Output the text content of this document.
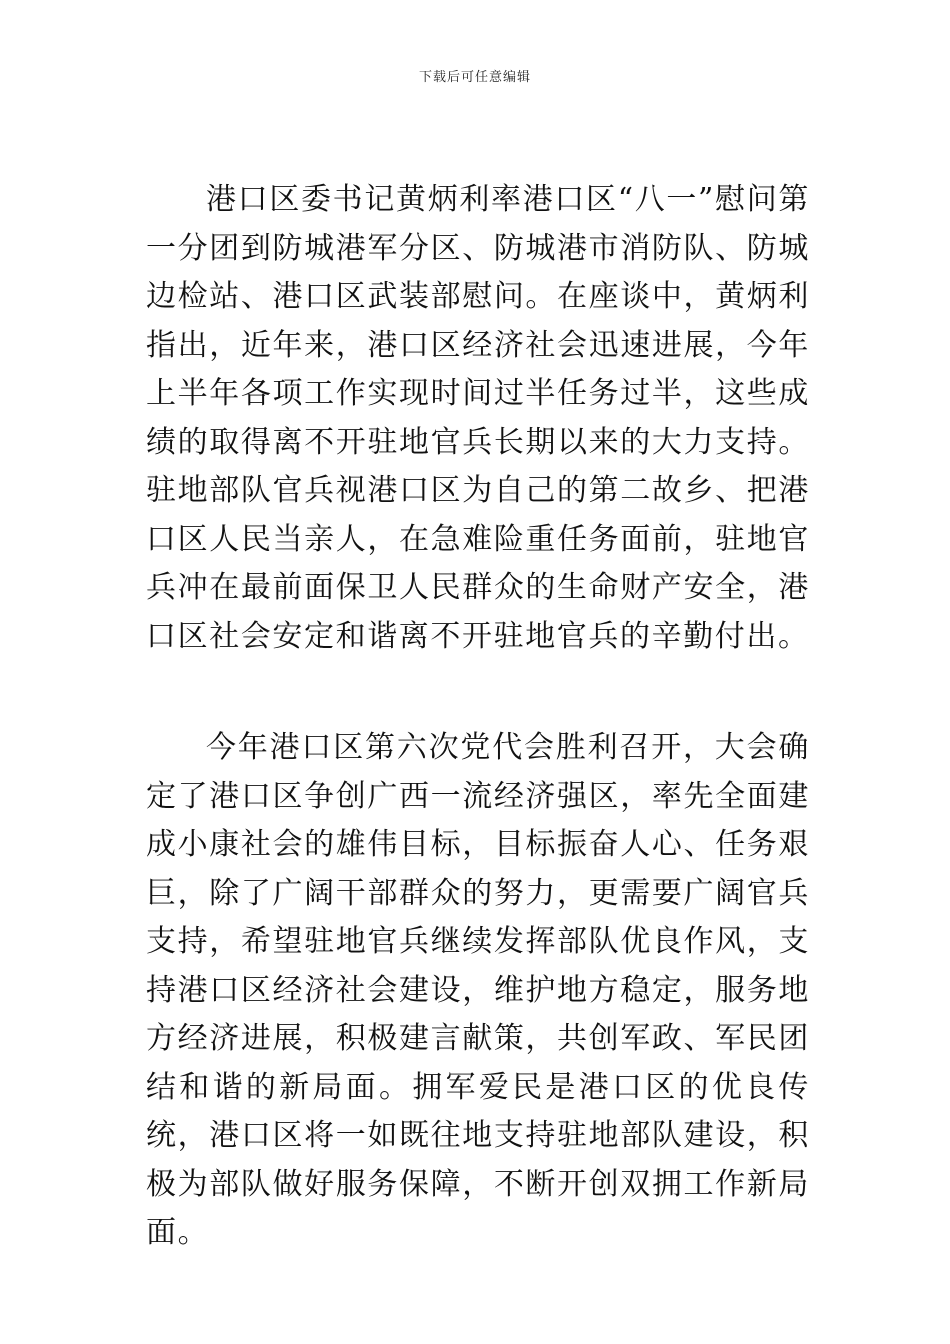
下载后可任意编辑

港口区委书记黄炳利率港口区“八一”慰问第一分团到防城港军分区、防城港市消防队、防城边检站、港口区武装部慰问。在座谈中，黄炳利指出，近年来，港口区经济社会迅速进展，今年上半年各项工作实现时间过半任务过半，这些成绩的取得离不开驻地官兵长期以来的大力支持。驻地部队官兵视港口区为自己的第二故乡、把港口区人民当亲人，在急难险重任务面前，驻地官兵冲在最前面保卫人民群众的生命财产安全，港口区社会安定和谐离不开驻地官兵的辛勤付出。

今年港口区第六次党代会胜利召开，大会确定了港口区争创广西一流经济强区，率先全面建成小康社会的雄伟目标，目标振奋人心、任务艰巨，除了广阔干部群众的努力，更需要广阔官兵支持，希望驻地官兵继续发挥部队优良作风，支持港口区经济社会建设，维护地方稳定，服务地方经济进展，积极建言献策，共创军政、军民团结和谐的新局面。拥军爱民是港口区的优良传统，港口区将一如既往地支持驻地部队建设，积极为部队做好服务保障，不断开创双拥工作新局面。
